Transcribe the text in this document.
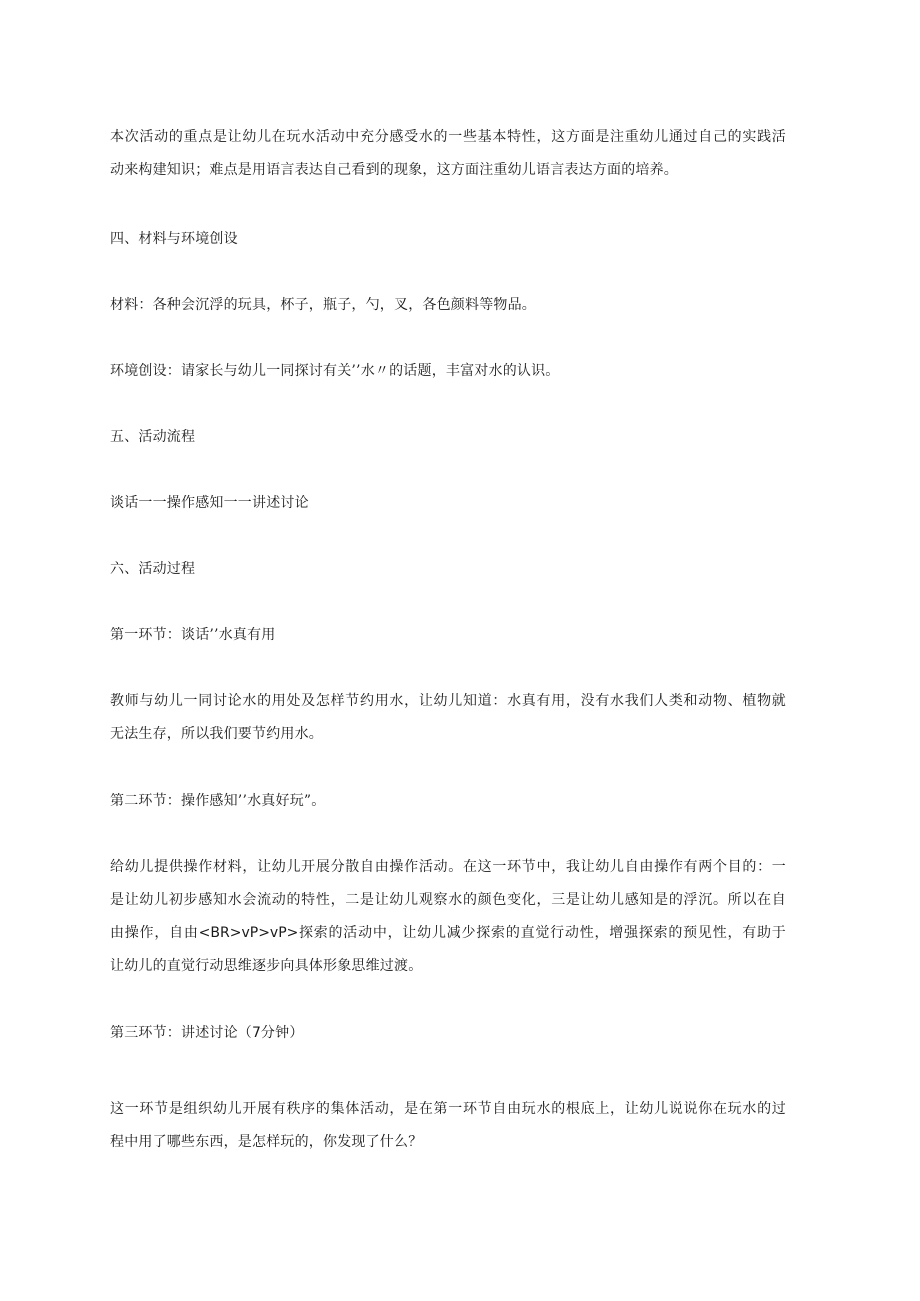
本次活动的重点是让幼儿在玩水活动中充分感受水的一些基本特性，这方面是注重幼儿通过自己的实践活
动来构建知识；难点是用语言表达自己看到的现象，这方面注重幼儿语言表达方面的培养。
四、材料与环境创设
材料：各种会沉浮的玩具，杯子，瓶子，勺，叉，各色颜料等物品。
环境创设：请家长与幼儿一同探讨有关’’水〃的话题，丰富对水的认识。
五、活动流程
谈话一一操作感知一一讲述讨论
六、活动过程
第一环节：谈话’’水真有用
教师与幼儿一同讨论水的用处及怎样节约用水，让幼儿知道：水真有用，没有水我们人类和动物、植物就
无法生存，所以我们要节约用水。
第二环节：操作感知’’水真好玩”。
给幼儿提供操作材料，让幼儿开展分散自由操作活动。在这一环节中，我让幼儿自由操作有两个目的：一
是让幼儿初步感知水会流动的特性，二是让幼儿观察水的颜色变化，三是让幼儿感知是的浮沉。所以在自
由操作，自由<BR>vP>vP>探索的活动中，让幼儿减少探索的直觉行动性，增强探索的预见性，有助于
让幼儿的直觉行动思维逐步向具体形象思维过渡。
第三环节：讲述讨论（7分钟）
这一环节是组织幼儿开展有秩序的集体活动，是在第一环节自由玩水的根底上，让幼儿说说你在玩水的过
程中用了哪些东西，是怎样玩的，你发现了什么？
